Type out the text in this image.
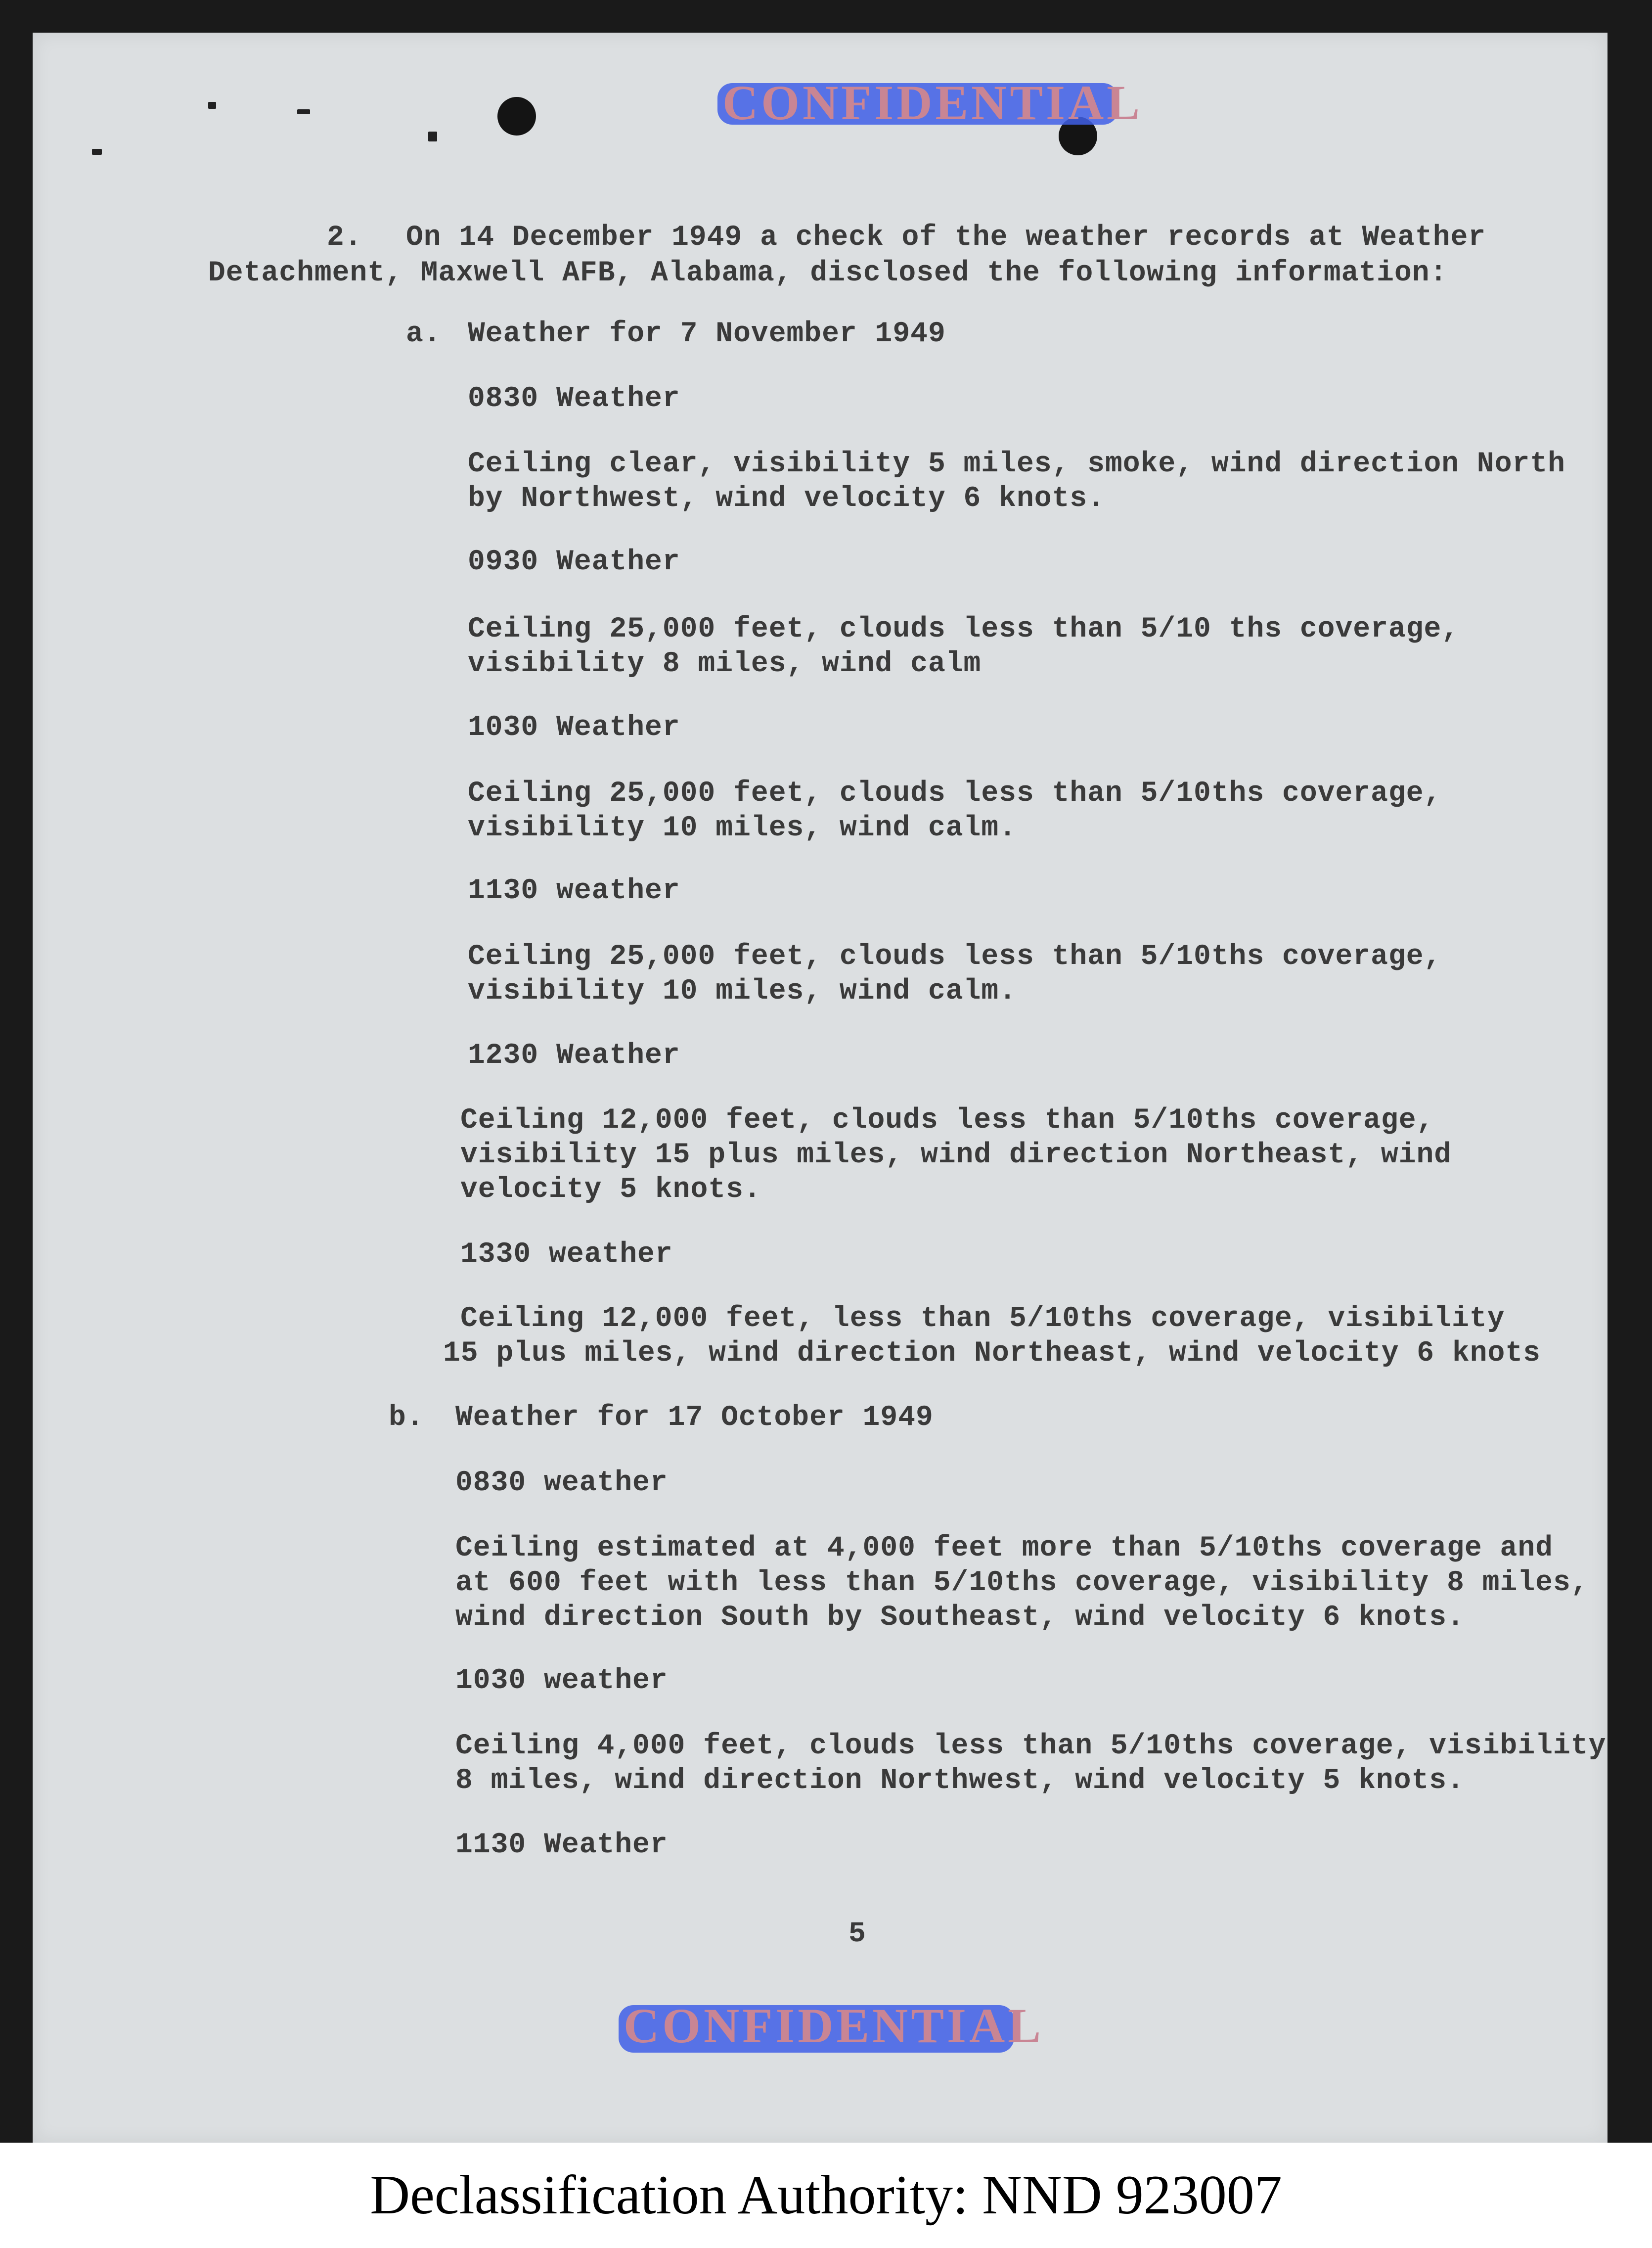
CONFIDENTIAL
2. On 14 December 1949 a check of the weather records at Weather
Detachment, Maxwell AFB, Alabama, disclosed the following information:
a. Weather for 7 November 1949
0830 Weather
Ceiling clear, visibility 5 miles, smoke, wind direction North
by Northwest, wind velocity 6 knots.
0930 Weather
Ceiling 25,000 feet, clouds less than 5/10 ths coverage,
visibility 8 miles, wind calm
1030 Weather
Ceiling 25,000 feet, clouds less than 5/10ths coverage,
visibility 10 miles, wind calm.
1130 weather
Ceiling 25,000 feet, clouds less than 5/10ths coverage,
visibility 10 miles, wind calm.
1230 Weather
Ceiling 12,000 feet, clouds less than 5/10ths coverage,
visibility 15 plus miles, wind direction Northeast, wind
velocity 5 knots.
1330 weather
Ceiling 12,000 feet, less than 5/10ths coverage, visibility
15 plus miles, wind direction Northeast, wind velocity 6 knots
b. Weather for 17 October 1949
0830 weather
Ceiling estimated at 4,000 feet more than 5/10ths coverage and
at 600 feet with less than 5/10ths coverage, visibility 8 miles,
wind direction South by Southeast, wind velocity 6 knots.
1030 weather
Ceiling 4,000 feet, clouds less than 5/10ths coverage, visibility
8 miles, wind direction Northwest, wind velocity 5 knots.
1130 Weather
5
CONFIDENTIAL
Declassification Authority: NND 923007
